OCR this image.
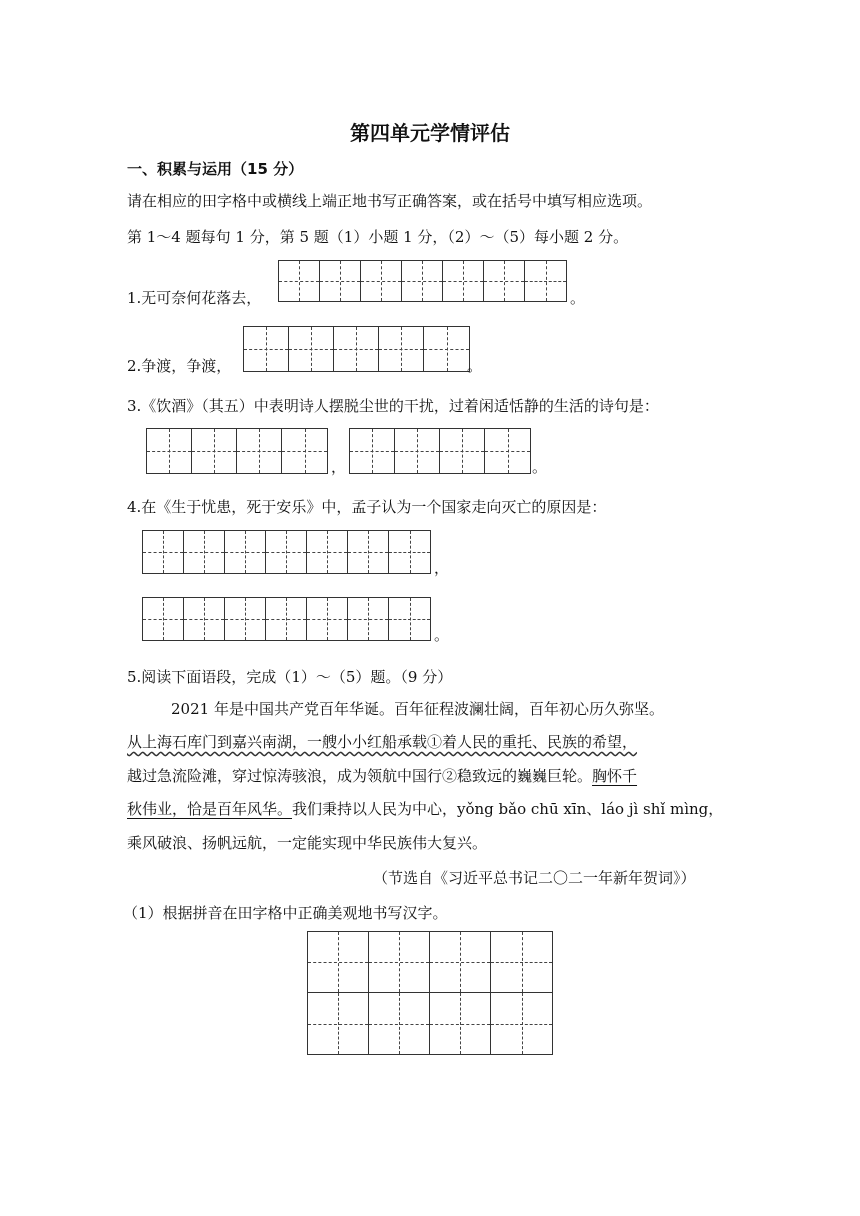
第四单元学情评估
一、积累与运用（15 分）
请在相应的田字格中或横线上端正地书写正确答案，或在括号中填写相应选项。
第 1～4 题每句 1 分，第 5 题（1）小题 1 分，（2）～（5）每小题 2 分。
1.无可奈何花落去，	。
2.争渡，争渡，	。
3.《饮酒》（其五）中表明诗人摆脱尘世的干扰，过着闲适恬静的生活的诗句是：
，	。
4.在《生于忧患，死于安乐》中，孟子认为一个国家走向灭亡的原因是：
，
。
5.阅读下面语段，完成（1）～（5）题。（9 分）
2021 年是中国共产党百年华诞。百年征程波澜壮阔，百年初心历久弥坚。
从上海石库门到嘉兴南湖，一艘小小红船承载①着人民的重托、民族的希望，
越过急流险滩，穿过惊涛骇浪，成为领航中国行②稳致远的巍巍巨轮。胸怀千
秋伟业，恰是百年风华。我们秉持以人民为中心，yǒng bǎo chū xīn、láo jì shǐ mìng，
乘风破浪、扬帆远航，一定能实现中华民族伟大复兴。
（节选自《习近平总书记二〇二一年新年贺词》）
（1）根据拼音在田字格中正确美观地书写汉字。
